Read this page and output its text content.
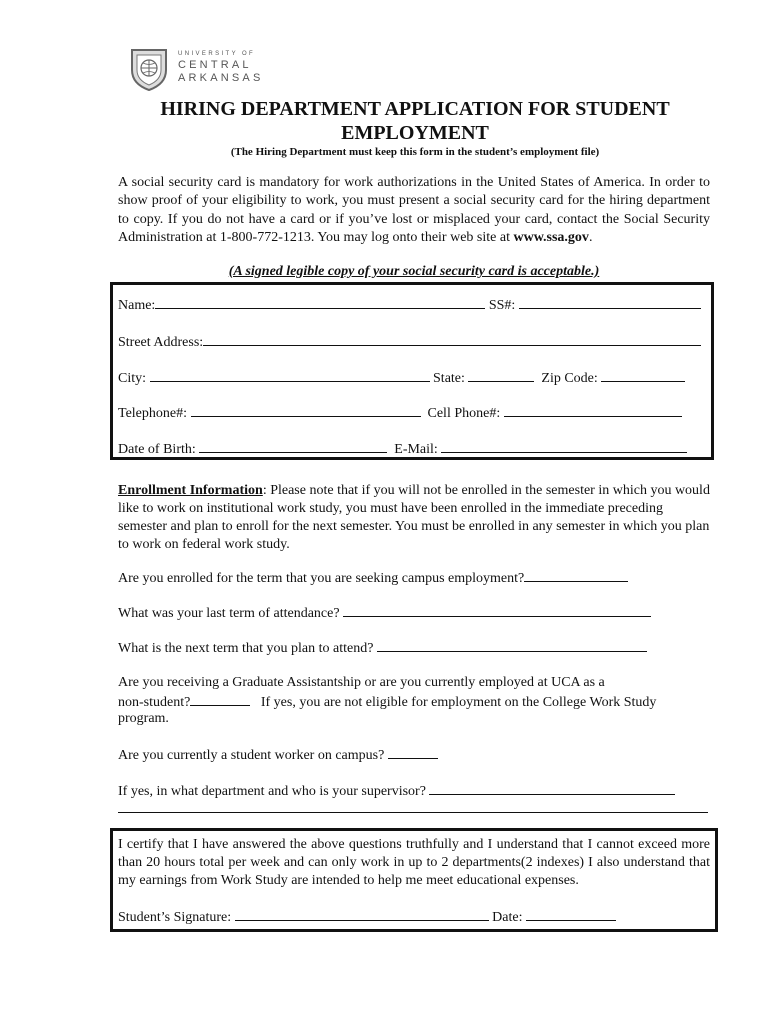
UNIVERSITY OF
CENTRAL
ARKANSAS
HIRING DEPARTMENT APPLICATION FOR STUDENT
EMPLOYMENT
(The Hiring Department must keep this form in the student’s employment file)
A social security card is mandatory for work authorizations in the United States of America. In order to show proof of your eligibility to work, you must present a social security card for the hiring department to copy. If you do not have a card or if you’ve lost or misplaced your card, contact the Social Security Administration at 1-800-772-1213. You may log onto their web site at www.ssa.gov.
(A signed legible copy of your social security card is acceptable.)
Name:	SS#:
Street Address:
City:	State:	Zip Code:
Telephone#:	Cell Phone#:
Date of Birth:	E-Mail:
Enrollment Information: Please note that if you will not be enrolled in the semester in which you would like to work on institutional work study, you must have been enrolled in the immediate preceding semester and plan to enroll for the next semester. You must be enrolled in any semester in which you plan to work on federal work study.
Are you enrolled for the term that you are seeking campus employment?
What was your last term of attendance?
What is the next term that you plan to attend?
Are you receiving a Graduate Assistantship or are you currently employed at UCA as a
non-student?	If yes, you are not eligible for employment on the College Work Study
program.
Are you currently a student worker on campus?
If yes, in what department and who is your supervisor?
I certify that I have answered the above questions truthfully and I understand that I cannot exceed more than 20 hours total per week and can only work in up to 2 departments(2 indexes) I also understand that my earnings from Work Study are intended to help me meet educational expenses.
Student’s Signature:	Date:
